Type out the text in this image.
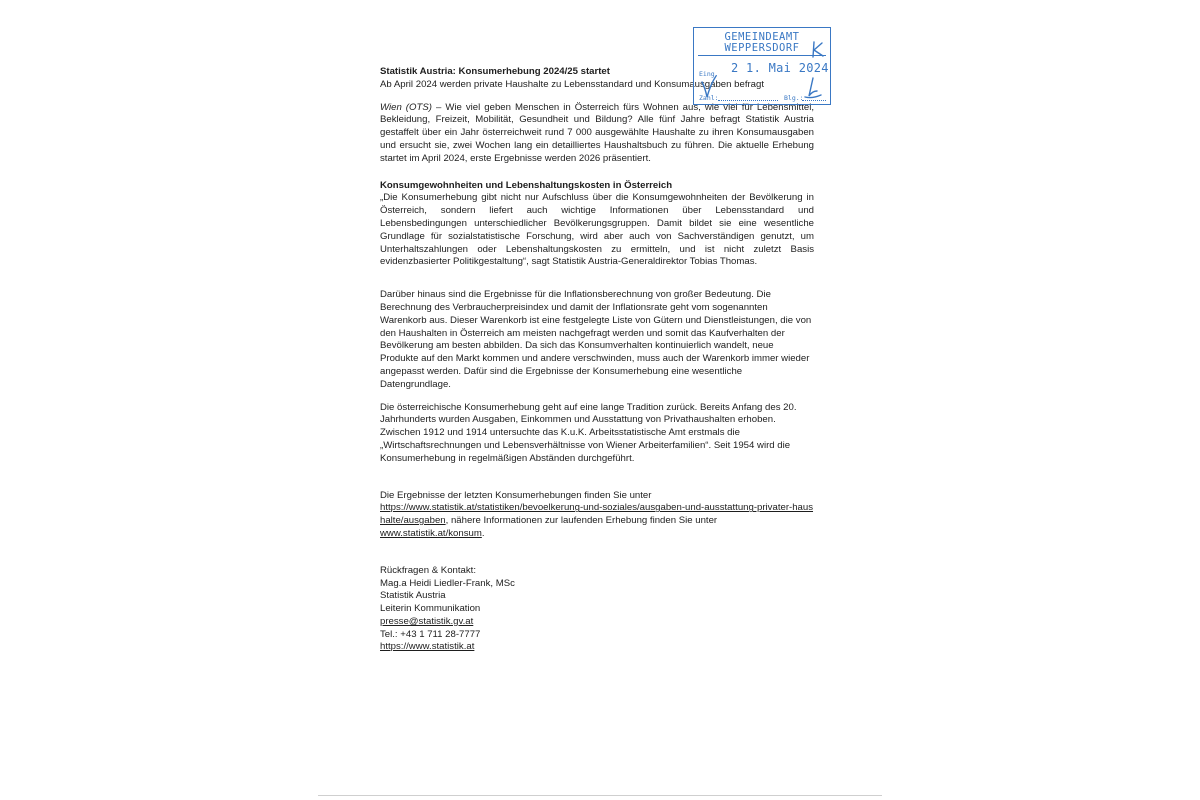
Statistik Austria: Konsumerhebung 2024/25 startet

Ab April 2024 werden private Haushalte zu Lebensstandard und Konsumausgaben befragt

Wien (OTS) – Wie viel geben Menschen in Österreich fürs Wohnen aus, wie viel für Lebensmittel, Bekleidung, Freizeit, Mobilität, Gesundheit und Bildung? Alle fünf Jahre befragt Statistik Austria gestaffelt über ein Jahr österreichweit rund 7 000 ausgewählte Haushalte zu ihren Konsumausgaben und ersucht sie, zwei Wochen lang ein detailliertes Haushaltsbuch zu führen. Die aktuelle Erhebung startet im April 2024, erste Ergebnisse werden 2026 präsentiert.

Konsumgewohnheiten und Lebenshaltungskosten in Österreich

„Die Konsumerhebung gibt nicht nur Aufschluss über die Konsumgewohnheiten der Bevölkerung in Österreich, sondern liefert auch wichtige Informationen über Lebensstandard und Lebensbedingungen unterschiedlicher Bevölkerungsgruppen. Damit bildet sie eine wesentliche Grundlage für sozialstatistische Forschung, wird aber auch von Sachverständigen genutzt, um Unterhaltszahlungen oder Lebenshaltungskosten zu ermitteln, und ist nicht zuletzt Basis evidenzbasierter Politikgestaltung“, sagt Statistik Austria-Generaldirektor Tobias Thomas.

Darüber hinaus sind die Ergebnisse für die Inflationsberechnung von großer Bedeutung. Die Berechnung des Verbraucherpreisindex und damit der Inflationsrate geht vom sogenannten Warenkorb aus. Dieser Warenkorb ist eine festgelegte Liste von Gütern und Dienstleistungen, die von den Haushalten in Österreich am meisten nachgefragt werden und somit das Kaufverhalten der Bevölkerung am besten abbilden. Da sich das Konsumverhalten kontinuierlich wandelt, neue Produkte auf den Markt kommen und andere verschwinden, muss auch der Warenkorb immer wieder angepasst werden. Dafür sind die Ergebnisse der Konsumerhebung eine wesentliche Datengrundlage.

Die österreichische Konsumerhebung geht auf eine lange Tradition zurück. Bereits Anfang des 20. Jahrhunderts wurden Ausgaben, Einkommen und Ausstattung von Privathaushalten erhoben. Zwischen 1912 und 1914 untersuchte das K.u.K. Arbeitsstatistische Amt erstmals die „Wirtschaftsrechnungen und Lebensverhältnisse von Wiener Arbeiterfamilien“. Seit 1954 wird die Konsumerhebung in regelmäßigen Abständen durchgeführt.

Die Ergebnisse der letzten Konsumerhebungen finden Sie unter
https://www.statistik.at/statistiken/bevoelkerung-und-soziales/ausgaben-und-ausstattung-privater-haushalte/ausgaben, nähere Informationen zur laufenden Erhebung finden Sie unter
www.statistik.at/konsum.

Rückfragen & Kontakt:

Mag.a Heidi Liedler-Frank, MSc

Statistik Austria

Leiterin Kommunikation

presse@statistik.gv.at

Tel.: +43 1 711 28-7777

https://www.statistik.at

GEMEINDEAMT
WEPPERSDORF
Eing. 2 1. Mai 2024
Zahl:	Blg.:
